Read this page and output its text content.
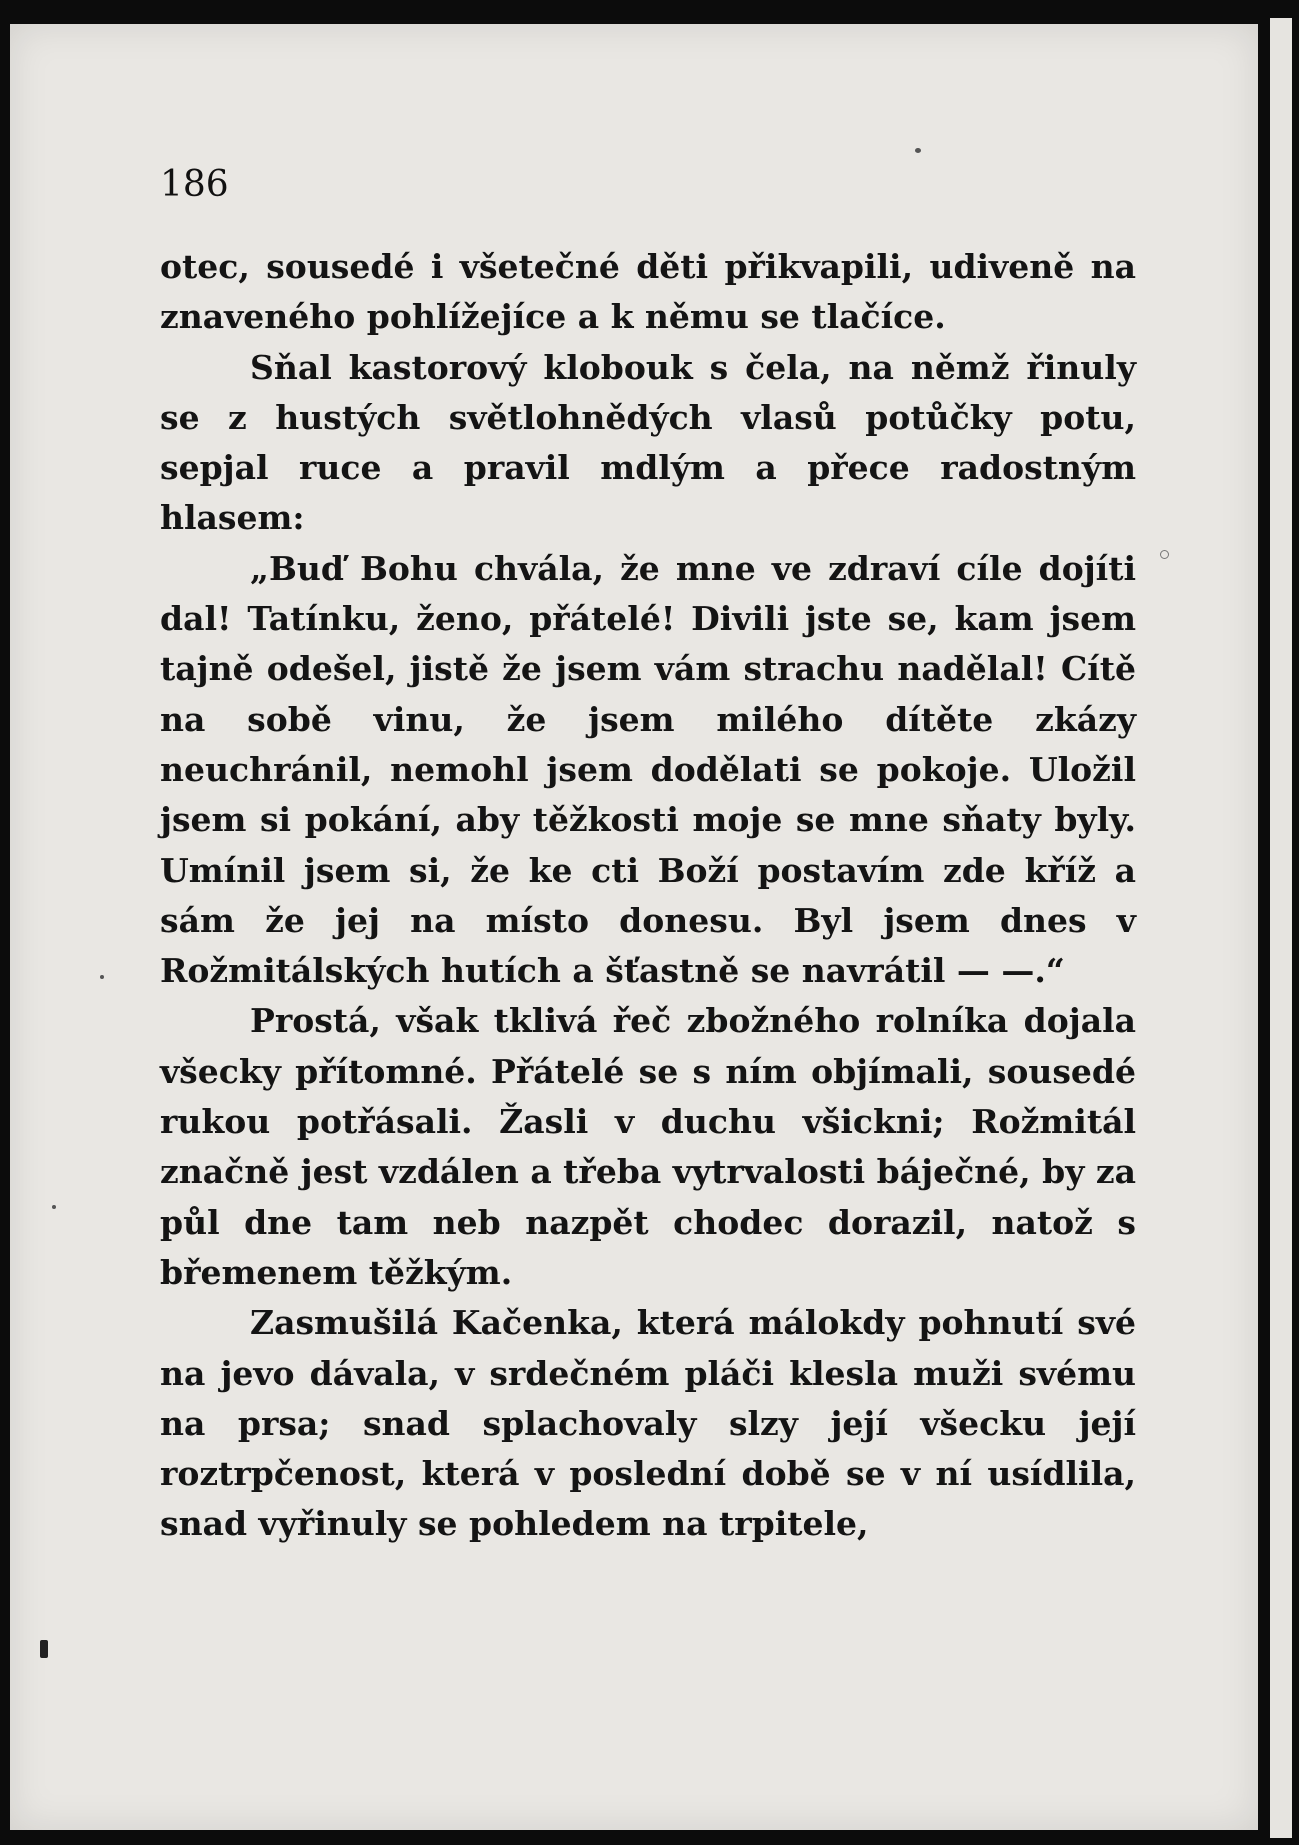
186

otec, sousedé i všetečné děti přikvapili, udiveně na znaveného pohlížejíce a k němu se tlačíce.

Sňal kastorový klobouk s čela, na němž řinuly se z hustých světlohnědých vlasů potůčky potu, sepjal ruce a pravil mdlým a přece radostným hlasem:

„Buď Bohu chvála, že mne ve zdraví cíle dojíti dal! Tatínku, ženo, přátelé! Divili jste se, kam jsem tajně odešel, jistě že jsem vám strachu nadělal! Cítě na sobě vinu, že jsem milého dítěte zkázy neuchránil, nemohl jsem dodělati se pokoje. Uložil jsem si pokání, aby těžkosti moje se mne sňaty byly. Umínil jsem si, že ke cti Boží postavím zde kříž a sám že jej na místo donesu. Byl jsem dnes v Rožmitálských hutích a šťastně se navrátil — —.“

Prostá, však tklivá řeč zbožného rolníka dojala všecky přítomné. Přátelé se s ním objímali, sousedé rukou potřásali. Žasli v duchu všickni; Rožmitál značně jest vzdálen a třeba vytrvalosti báječné, by za půl dne tam neb nazpět chodec dorazil, natož s břemenem těžkým.

Zasmušilá Kačenka, která málokdy pohnutí své na jevo dávala, v srdečném pláči klesla muži svému na prsa; snad splachovaly slzy její všecku její roztrpčenost, která v poslední době se v ní usídlila, snad vyřinuly se pohledem na trpitele,
